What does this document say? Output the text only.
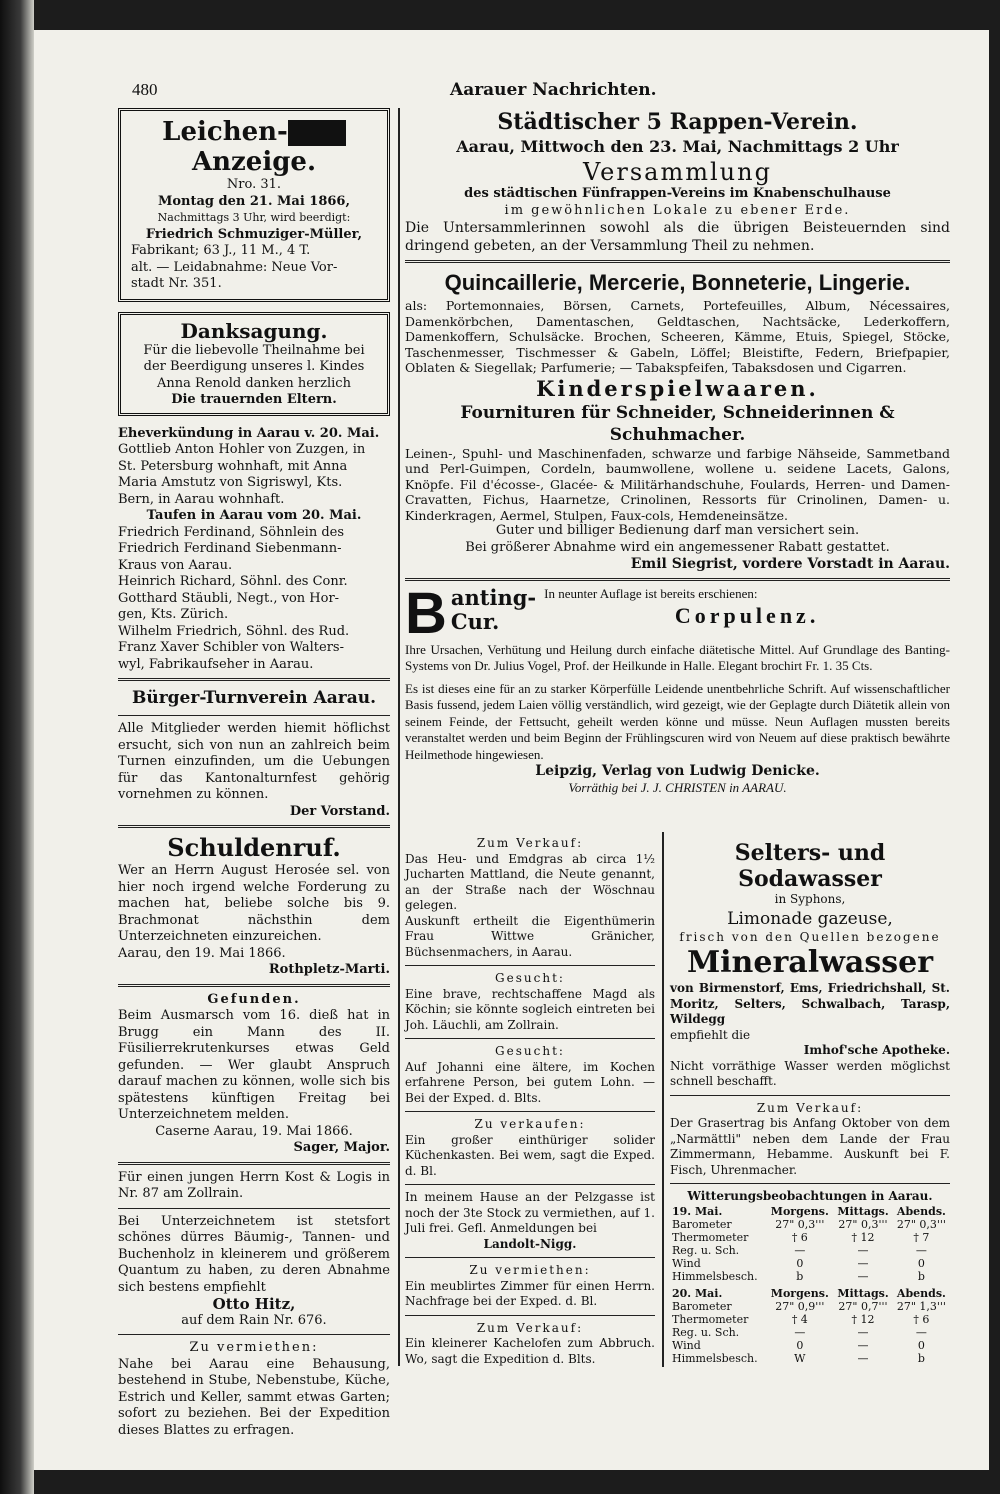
480	Aarauer Nachrichten.

Leichen-Anzeige.

Nro. 31.

Montag den 21. Mai 1866,

Nachmittags 3 Uhr, wird beerdigt:

Friedrich Schmuziger-Müller,

Fabrikant; 63 J., 11 M., 4 T.

alt. — Leidabnahme: Neue Vor-

stadt Nr. 351.

Danksagung.

Für die liebevolle Theilnahme bei

der Beerdigung unseres l. Kindes

Anna Renold danken herzlich

Die trauernden Eltern.

Eheverkündung in Aarau v. 20. Mai.

Gottlieb Anton Hohler von Zuzgen, in

St. Petersburg wohnhaft, mit Anna

Maria Amstutz von Sigriswyl, Kts.

Bern, in Aarau wohnhaft.

Taufen in Aarau vom 20. Mai.

Friedrich Ferdinand, Söhnlein des

Friedrich Ferdinand Siebenmann-

Kraus von Aarau.

Heinrich Richard, Söhnl. des Conr.

Gotthard Stäubli, Negt., von Hor-

gen, Kts. Zürich.

Wilhelm Friedrich, Söhnl. des Rud.

Franz Xaver Schibler von Walters-

wyl, Fabrikaufseher in Aarau.

Bürger-Turnverein Aarau.

Alle Mitglieder werden hiemit höflichst ersucht, sich von nun an zahlreich beim Turnen einzufinden, um die Uebungen für das Kantonalturnfest gehörig vornehmen zu können.

Der Vorstand.

Schuldenruf.

Wer an Herrn August Herosée sel. von hier noch irgend welche Forderung zu machen hat, beliebe solche bis 9. Brachmonat nächsthin dem Unterzeichneten einzureichen.

Aarau, den 19. Mai 1866.

Rothpletz-Marti.

Gefunden.

Beim Ausmarsch vom 16. dieß hat in Brugg ein Mann des II. Füsilierrekrutenkurses etwas Geld gefunden. — Wer glaubt Anspruch darauf machen zu können, wolle sich bis spätestens künftigen Freitag bei Unterzeichnetem melden.

Caserne Aarau, 19. Mai 1866.

Sager, Major.

Für einen jungen Herrn Kost & Logis in Nr. 87 am Zollrain.

Bei Unterzeichnetem ist stetsfort schönes dürres Bäumig-, Tannen- und Buchenholz in kleinerem und größerem Quantum zu haben, zu deren Abnahme sich bestens empfiehlt

Otto Hitz,

auf dem Rain Nr. 676.

Zu vermiethen:

Nahe bei Aarau eine Behausung, bestehend in Stube, Nebenstube, Küche, Estrich und Keller, sammt etwas Garten; sofort zu beziehen. Bei der Expedition dieses Blattes zu erfragen.

Städtischer 5 Rappen-Verein.

Aarau, Mittwoch den 23. Mai, Nachmittags 2 Uhr

Versammlung

des städtischen Fünfrappen-Vereins im Knabenschulhause

im gewöhnlichen Lokale zu ebener Erde.

Die Untersammlerinnen sowohl als die übrigen Beisteuernden sind dringend gebeten, an der Versammlung Theil zu nehmen.

Quincaillerie, Mercerie, Bonneterie, Lingerie.

als: Portemonnaies, Börsen, Carnets, Portefeuilles, Album, Nécessaires, Damenkörbchen, Damentaschen, Geldtaschen, Nachtsäcke, Lederkoffern, Damenkoffern, Schulsäcke. Brochen, Scheeren, Kämme, Etuis, Spiegel, Stöcke, Taschenmesser, Tischmesser & Gabeln, Löffel; Bleistifte, Federn, Briefpapier, Oblaten & Siegellak; Parfumerie; — Tabakspfeifen, Tabaksdosen und Cigarren.

Kinderspielwaaren.

Fournituren für Schneider, Schneiderinnen & Schuhmacher.

Leinen-, Spuhl- und Maschinenfaden, schwarze und farbige Nähseide, Sammetband und Perl-Guimpen, Cordeln, baumwollene, wollene u. seidene Lacets, Galons, Knöpfe. Fil d'écosse-, Glacée- & Militärhandschuhe, Foulards, Herren- und Damen-Cravatten, Fichus, Haarnetze, Crinolinen, Ressorts für Crinolinen, Damen- u. Kinderkragen, Aermel, Stulpen, Faux-cols, Hemdeneinsätze.

Guter und billiger Bedienung darf man versichert sein.

Bei größerer Abnahme wird ein angemessener Rabatt gestattet.

Emil Siegrist, vordere Vorstadt in Aarau.

B anting-
Cur.

In neunter Auflage ist bereits erschienen:

Corpulenz.

Ihre Ursachen, Verhütung und Heilung durch einfache diätetische Mittel. Auf Grundlage des Banting-Systems von Dr. Julius Vogel, Prof. der Heilkunde in Halle. Elegant brochirt Fr. 1. 35 Cts.

Es ist dieses eine für an zu starker Körperfülle Leidende unentbehrliche Schrift. Auf wissenschaftlicher Basis fussend, jedem Laien völlig verständlich, wird gezeigt, wie der Geplagte durch Diätetik allein von seinem Feinde, der Fettsucht, geheilt werden könne und müsse. Neun Auflagen mussten bereits veranstaltet werden und beim Beginn der Frühlingscuren wird von Neuem auf diese praktisch bewährte Heilmethode hingewiesen.

Leipzig, Verlag von Ludwig Denicke.

Vorräthig bei J. J. CHRISTEN in AARAU.

Zum Verkauf:

Das Heu- und Emdgras ab circa 1½ Jucharten Mattland, die Neute genannt, an der Straße nach der Wöschnau gelegen.

Auskunft ertheilt die Eigenthümerin Frau Wittwe Gränicher, Büchsenmachers, in Aarau.

Gesucht:

Eine brave, rechtschaffene Magd als Köchin; sie könnte sogleich eintreten bei Joh. Läuchli, am Zollrain.

Gesucht:

Auf Johanni eine ältere, im Kochen erfahrene Person, bei gutem Lohn. — Bei der Exped. d. Blts.

Zu verkaufen:

Ein großer einthüriger solider Küchenkasten. Bei wem, sagt die Exped. d. Bl.

In meinem Hause an der Pelzgasse ist noch der 3te Stock zu vermiethen, auf 1. Juli frei. Gefl. Anmeldungen bei

Landolt-Nigg.

Zu vermiethen:

Ein meublirtes Zimmer für einen Herrn. Nachfrage bei der Exped. d. Bl.

Zum Verkauf:

Ein kleinerer Kachelofen zum Abbruch. Wo, sagt die Expedition d. Blts.

Selters- und Sodawasser

in Syphons,

Limonade gazeuse,

frisch von den Quellen bezogene

Mineralwasser

von Birmenstorf, Ems, Friedrichshall, St. Moritz, Selters, Schwalbach, Tarasp, Wildegg

empfiehlt die

Imhof'sche Apotheke.

Nicht vorräthige Wasser werden möglichst schnell beschafft.

Zum Verkauf:

Der Grasertrag bis Anfang Oktober von dem „Narmättli" neben dem Lande der Frau Zimmermann, Hebamme. Auskunft bei F. Fisch, Uhrenmacher.

Witterungsbeobachtungen in Aarau.

19. Mai.	Morgens.	Mittags.	Abends.
Barometer	27" 0,3'''	27" 0,3'''	27" 0,3'''
Thermometer	† 6	† 12	† 7
Reg. u. Sch.	—	—	—
Wind	0	—	0
Himmelsbesch.	b	—	b
20. Mai.	Morgens.	Mittags.	Abends.
Barometer	27" 0,9'''	27" 0,7'''	27" 1,3'''
Thermometer	† 4	† 12	† 6
Reg. u. Sch.	—	—	—
Wind	0	—	0
Himmelsbesch.	W	—	b
